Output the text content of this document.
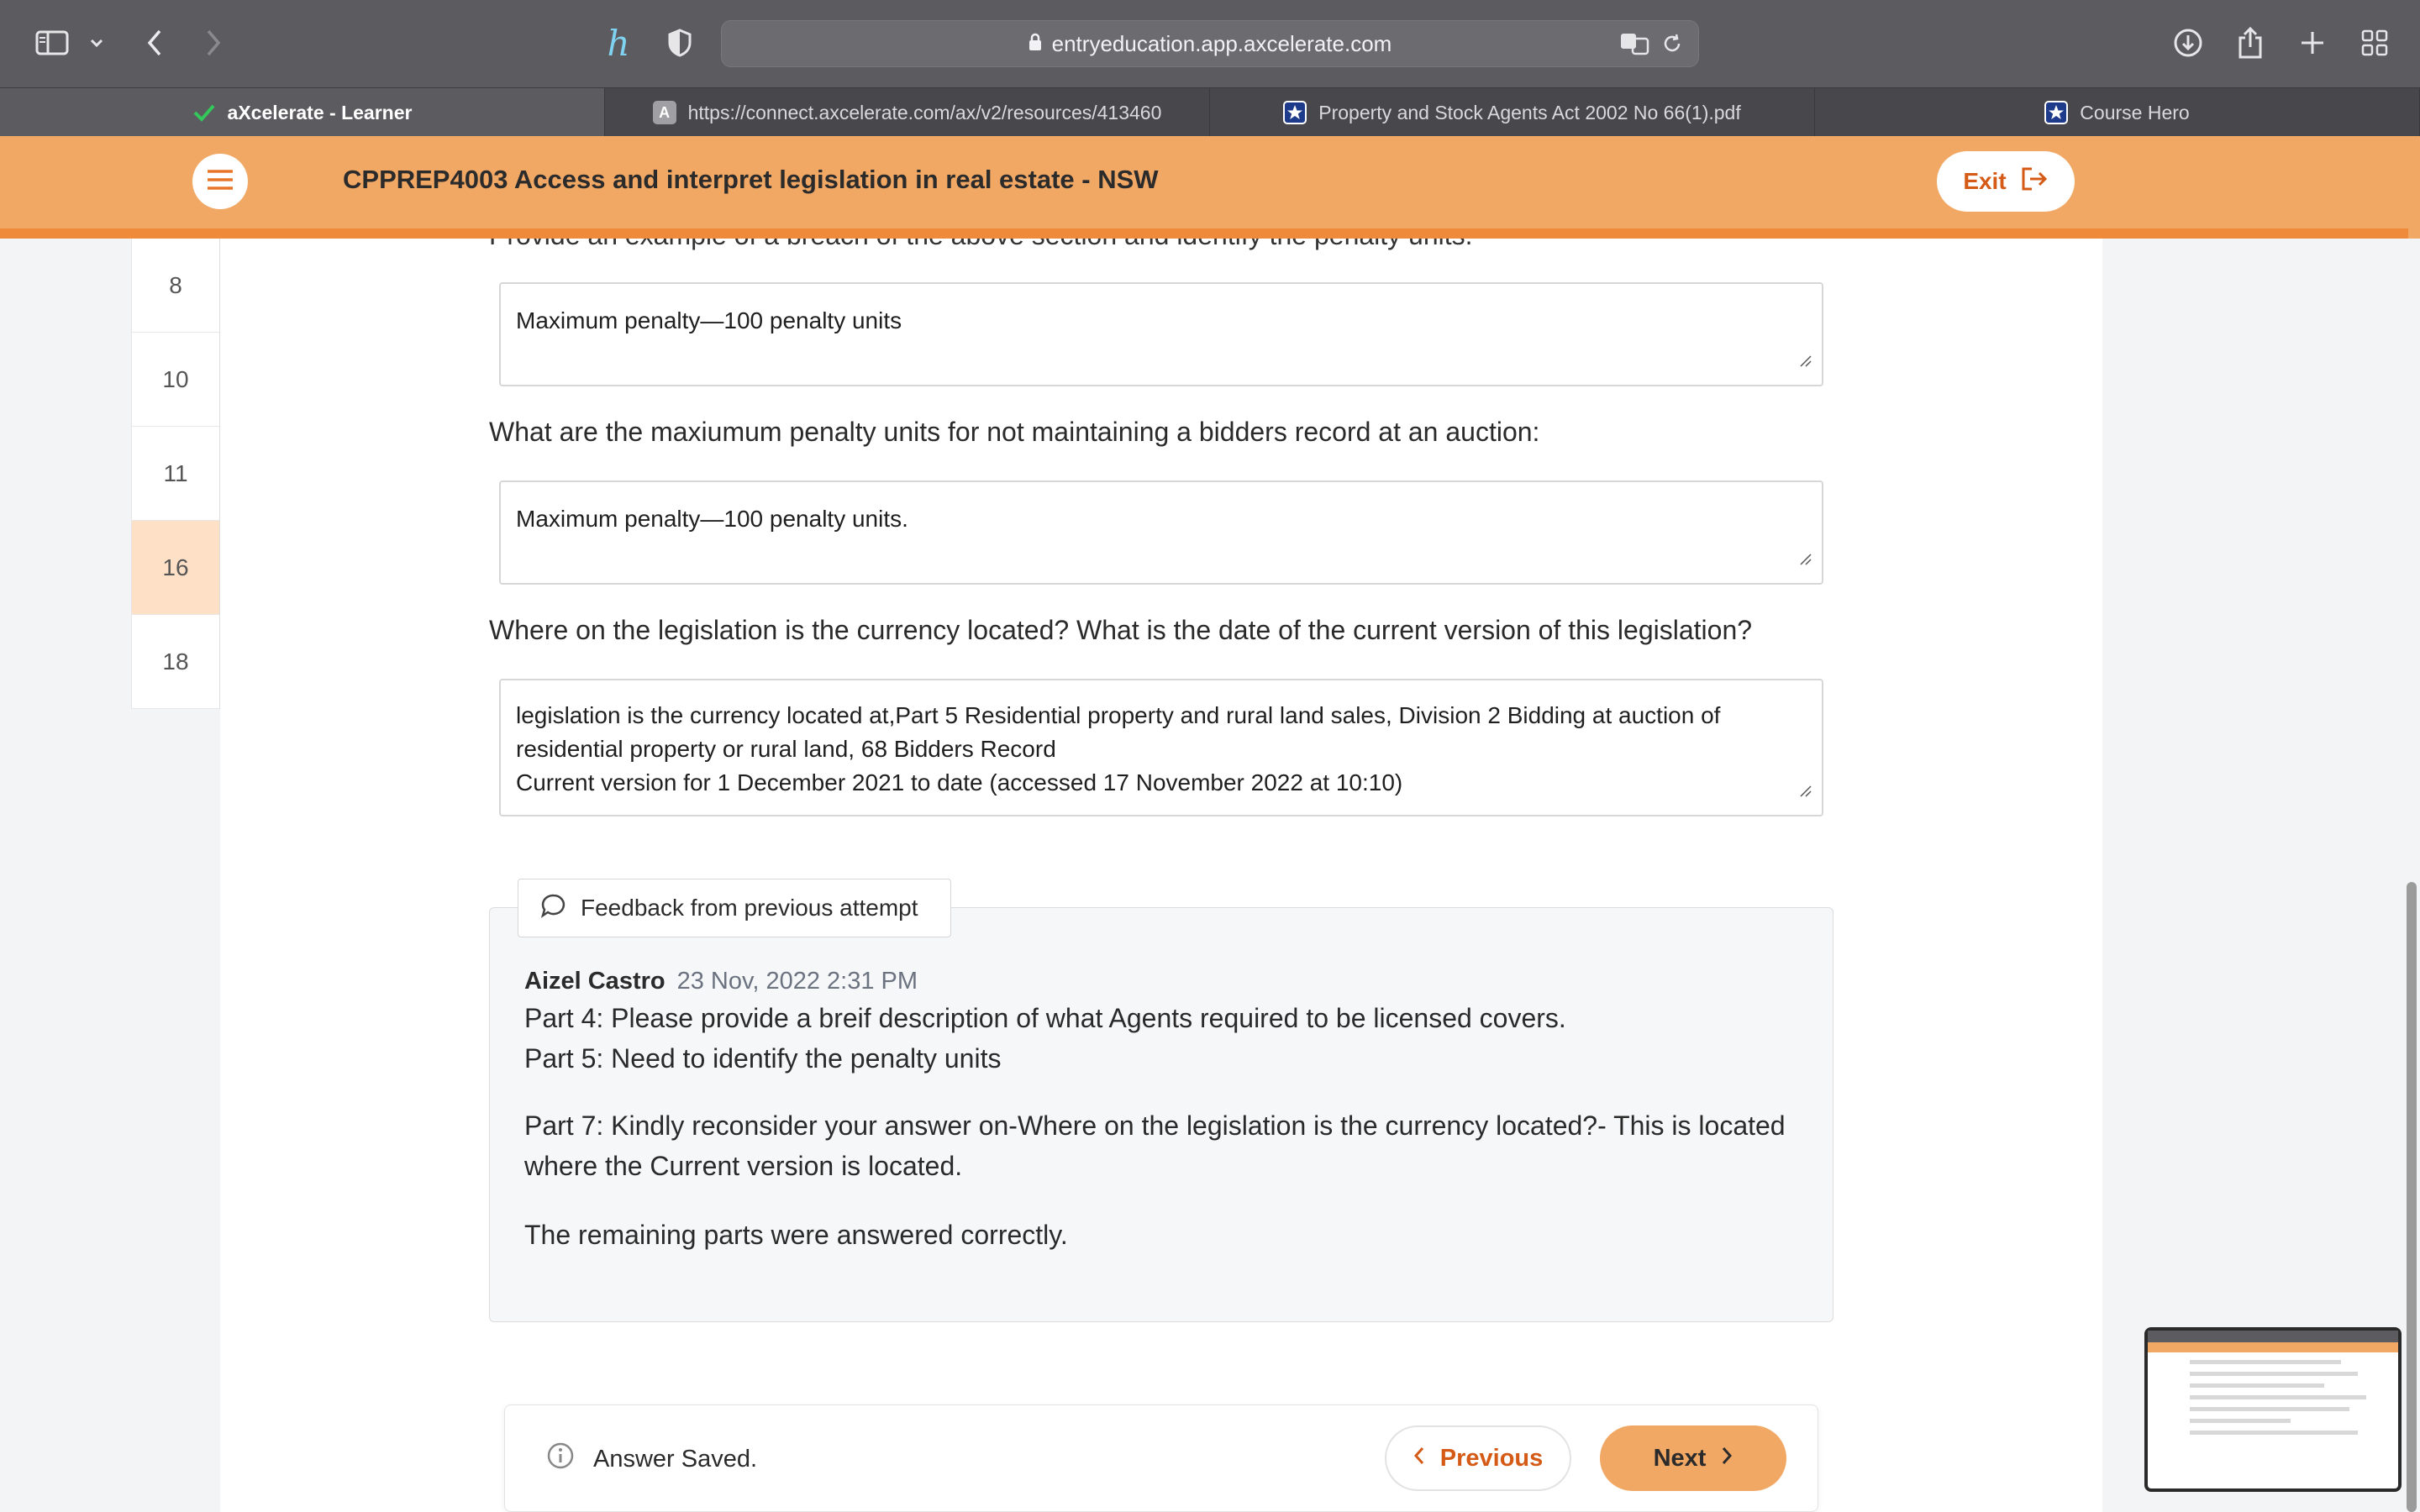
h	entryeducation.app.axcelerate.com
aXcelerate - Learner	A https://connect.axcelerate.com/ax/v2/resources/413460	Property and Stock Agents Act 2002 No 66(1).pdf	Course Hero
8
10
11
16
18
CPPREP4003 Access and interpret legislation in real estate - NSW	Exit
Maximum penalty—100 penalty units
What are the maxiumum penalty units for not maintaining a bidders record at an auction:
Maximum penalty—100 penalty units.
Where on the legislation is the currency located? What is the date of the current version of this legislation?
legislation is the currency located at,Part 5 Residential property and rural land sales, Division 2 Bidding at auction of
residential property or rural land, 68 Bidders Record
Current version for 1 December 2021 to date (accessed 17 November 2022 at 10:10)
Feedback from previous attempt
Aizel Castro 23 Nov, 2022 2:31 PM
Part 4: Please provide a breif description of what Agents required to be licensed covers.
Part 5: Need to identify the penalty units
Part 7: Kindly reconsider your answer on-Where on the legislation is the currency located?- This is located
where the Current version is located.
The remaining parts were answered correctly.
Answer Saved.	Previous	Next
